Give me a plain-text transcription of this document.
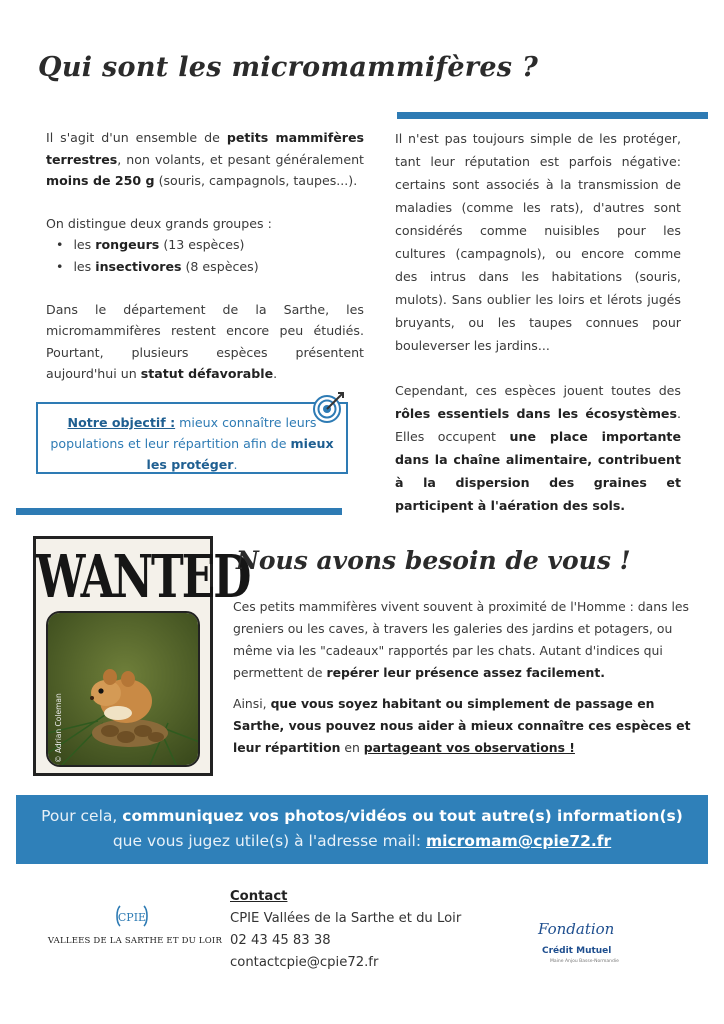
Qui sont les micromammifères ?

Il s'agit d'un ensemble de petits mammifères terrestres, non volants, et pesant généralement moins de 250 g (souris, campagnols, taupes...).

On distingue deux grands groupes :
• les rongeurs (13 espèces)
• les insectivores (8 espèces)

Dans le département de la Sarthe, les micromammifères restent encore peu étudiés. Pourtant, plusieurs espèces présentent aujourd'hui un statut défavorable.

Notre objectif : mieux connaître leurs populations et leur répartition afin de mieux les protéger.

Il n'est pas toujours simple de les protéger, tant leur réputation est parfois négative: certains sont associés à la transmission de maladies (comme les rats), d'autres sont considérés comme nuisibles pour les cultures (campagnols), ou encore comme des intrus dans les habitations (souris, mulots). Sans oublier les loirs et lérots jugés bruyants, ou les taupes connues pour bouleverser les jardins...

Cependant, ces espèces jouent toutes des rôles essentiels dans les écosystèmes. Elles occupent une place importante dans la chaîne alimentaire, contribuent à la dispersion des graines et participent à l'aération des sols.

WANTED
© Adrian Coleman
Nous avons besoin de vous !

Ces petits mammifères vivent souvent à proximité de l'Homme : dans les greniers ou les caves, à travers les galeries des jardins et potagers, ou même via les "cadeaux" rapportés par les chats. Autant d'indices qui permettent de repérer leur présence assez facilement.

Ainsi, que vous soyez habitant ou simplement de passage en Sarthe, vous pouvez nous aider à mieux connaître ces espèces et leur répartition en partageant vos observations !

Pour cela, communiquez vos photos/vidéos ou tout autre(s) information(s)
que vous jugez utile(s) à l'adresse mail: micromam@cpie72.fr
CPIE
VALLEES DE LA SARTHE ET DU LOIR
Contact
CPIE Vallées de la Sarthe et du Loir
02 43 45 83 38
contactcpie@cpie72.fr
Fondation
Crédit Mutuel
Maine Anjou Basse-Normandie
